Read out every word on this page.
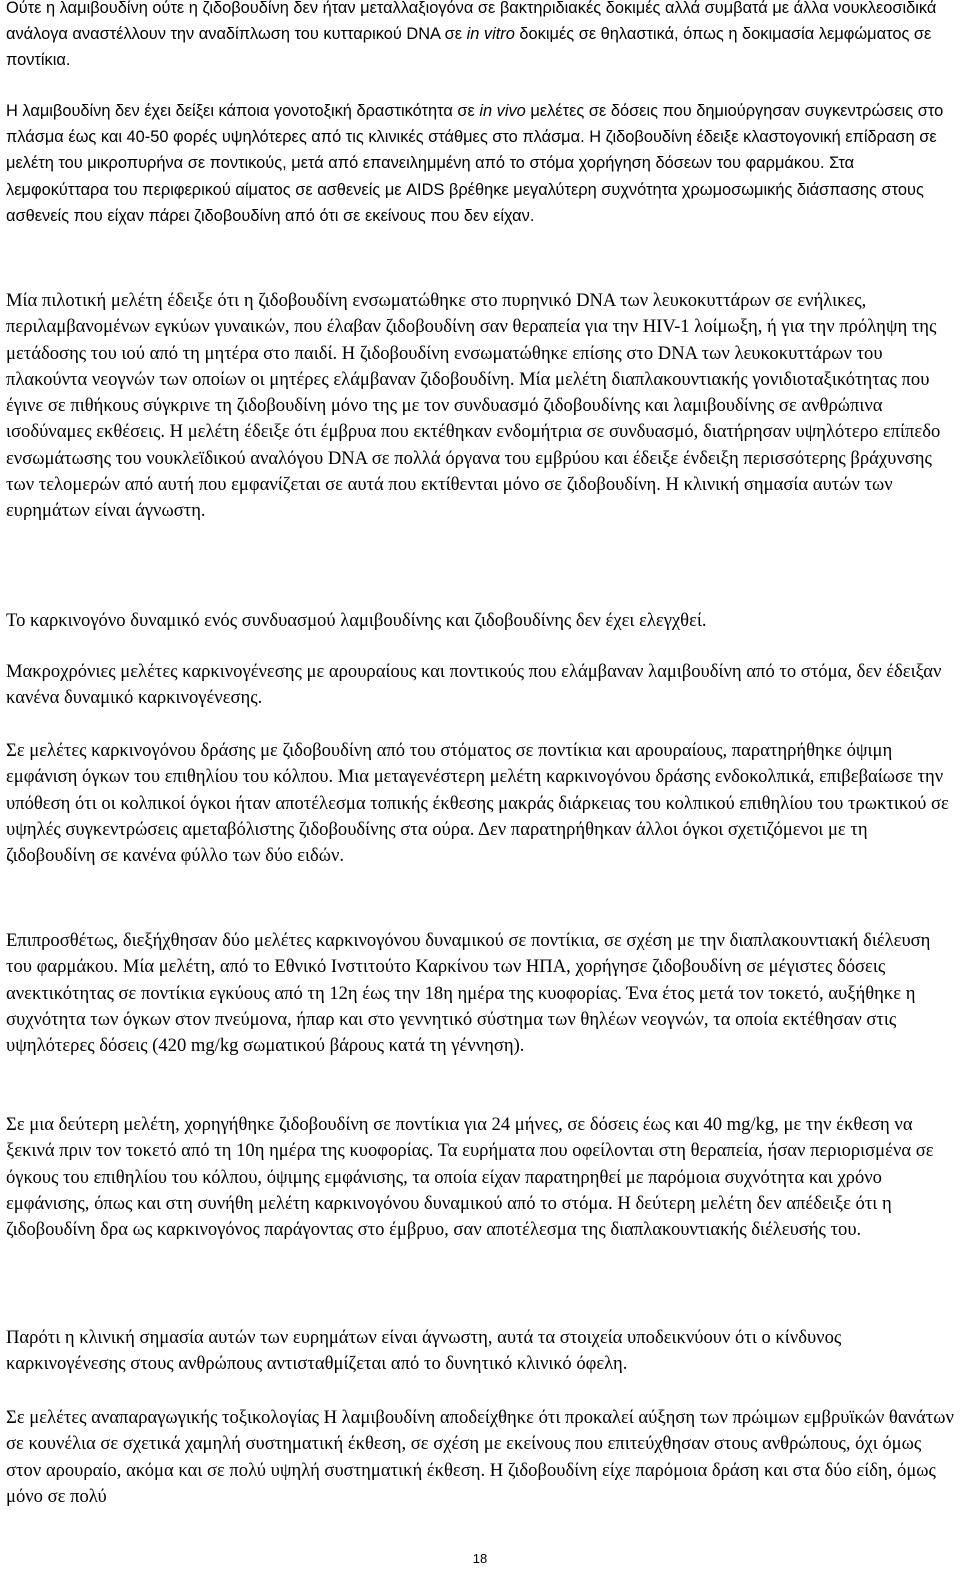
Ούτε η λαμιβουδίνη ούτε η ζιδοβουδίνη δεν ήταν μεταλλαξιογόνα σε βακτηριδιακές δοκιμές αλλά συμβατά με άλλα νουκλεοσιδικά ανάλογα αναστέλλουν την αναδίπλωση του κυτταρικού DNA σε in vitro δοκιμές σε θηλαστικά, όπως η δοκιμασία λεμφώματος σε ποντίκια.

Η λαμιβουδίνη δεν έχει δείξει κάποια γονοτοξική δραστικότητα σε in vivo μελέτες σε δόσεις που δημιούργησαν συγκεντρώσεις στο πλάσμα έως και 40-50 φορές υψηλότερες από τις κλινικές στάθμες στο πλάσμα. Η ζιδοβουδίνη έδειξε κλαστογονική επίδραση σε μελέτη του μικροπυρήνα σε ποντικούς, μετά από επανειλημμένη από το στόμα χορήγηση δόσεων του φαρμάκου. Στα λεμφοκύτταρα του περιφερικού αίματος σε ασθενείς με AIDS βρέθηκε μεγαλύτερη συχνότητα χρωμοσωμικής διάσπασης στους ασθενείς που είχαν πάρει ζιδοβουδίνη από ότι σε εκείνους που δεν είχαν.

Μία πιλοτική μελέτη έδειξε ότι η ζιδοβουδίνη ενσωματώθηκε στο πυρηνικό DNA των λευκοκυττάρων σε ενήλικες, περιλαμβανομένων εγκύων γυναικών, που έλαβαν ζιδοβουδίνη σαν θεραπεία για την HIV-1 λοίμωξη, ή για την πρόληψη της μετάδοσης του ιού από τη μητέρα στο παιδί. Η ζιδοβουδίνη ενσωματώθηκε επίσης στο DNA των λευκοκυττάρων του πλακούντα νεογνών των οποίων οι μητέρες ελάμβαναν ζιδοβουδίνη. Μία μελέτη διαπλακουντιακής γονιδιοταξικότητας που έγινε σε πιθήκους σύγκρινε τη ζιδοβουδίνη μόνο της με τον συνδυασμό ζιδοβουδίνης και λαμιβουδίνης σε ανθρώπινα ισοδύναμες εκθέσεις. Η μελέτη έδειξε ότι έμβρυα που εκτέθηκαν ενδομήτρια σε συνδυασμό, διατήρησαν υψηλότερο επίπεδο ενσωμάτωσης του νουκλεϊδικού αναλόγου DNA σε πολλά όργανα του εμβρύου και έδειξε ένδειξη περισσότερης βράχυνσης των τελομερών από αυτή που εμφανίζεται σε αυτά που εκτίθενται μόνο σε ζιδοβουδίνη. Η κλινική σημασία αυτών των ευρημάτων είναι άγνωστη.

Το καρκινογόνο δυναμικό ενός συνδυασμού λαμιβουδίνης και ζιδοβουδίνης δεν έχει ελεγχθεί.

Μακροχρόνιες μελέτες καρκινογένεσης με αρουραίους και ποντικούς που ελάμβαναν λαμιβουδίνη από το στόμα, δεν έδειξαν κανένα δυναμικό καρκινογένεσης.

Σε μελέτες καρκινογόνου δράσης με ζιδοβουδίνη από του στόματος σε ποντίκια και αρουραίους, παρατηρήθηκε όψιμη εμφάνιση όγκων του επιθηλίου του κόλπου. Μια μεταγενέστερη μελέτη καρκινογόνου δράσης ενδοκολπικά, επιβεβαίωσε την υπόθεση ότι οι κολπικοί όγκοι ήταν αποτέλεσμα τοπικής έκθεσης μακράς διάρκειας του κολπικού επιθηλίου του τρωκτικού σε υψηλές συγκεντρώσεις αμεταβόλιστης ζιδοβουδίνης στα ούρα. Δεν παρατηρήθηκαν άλλοι όγκοι σχετιζόμενοι με τη ζιδοβουδίνη σε κανένα φύλλο των δύο ειδών.

Επιπροσθέτως, διεξήχθησαν δύο μελέτες καρκινογόνου δυναμικού σε ποντίκια, σε σχέση με την διαπλακουντιακή διέλευση του φαρμάκου. Μία μελέτη, από το Εθνικό Ινστιτούτο Καρκίνου των ΗΠΑ, χορήγησε ζιδοβουδίνη σε μέγιστες δόσεις ανεκτικότητας σε ποντίκια εγκύους από τη 12η έως την 18η ημέρα της κυοφορίας. Ένα έτος μετά τον τοκετό, αυξήθηκε η συχνότητα των όγκων στον πνεύμονα, ήπαρ και στο γεννητικό σύστημα των θηλέων νεογνών, τα οποία εκτέθησαν στις υψηλότερες δόσεις (420 mg/kg σωματικού βάρους κατά τη γέννηση).

Σε μια δεύτερη μελέτη, χορηγήθηκε ζιδοβουδίνη σε ποντίκια για 24 μήνες, σε δόσεις έως και 40 mg/kg, με την έκθεση να ξεκινά πριν τον τοκετό από τη 10η ημέρα της κυοφορίας. Τα ευρήματα που οφείλονται στη θεραπεία, ήσαν περιορισμένα σε όγκους του επιθηλίου του κόλπου, όψιμης εμφάνισης, τα οποία είχαν παρατηρηθεί με παρόμοια συχνότητα και χρόνο εμφάνισης, όπως και στη συνήθη μελέτη καρκινογόνου δυναμικού από το στόμα. Η δεύτερη μελέτη δεν απέδειξε ότι η ζιδοβουδίνη δρα ως καρκινογόνος παράγοντας στο έμβρυο, σαν αποτέλεσμα της διαπλακουντιακής διέλευσής του.

Παρότι η κλινική σημασία αυτών των ευρημάτων είναι άγνωστη, αυτά τα στοιχεία υποδεικνύουν ότι ο κίνδυνος καρκινογένεσης στους ανθρώπους αντισταθμίζεται από το δυνητικό κλινικό όφελη.

Σε μελέτες αναπαραγωγικής τοξικολογίας Η λαμιβουδίνη αποδείχθηκε ότι προκαλεί αύξηση των πρώιμων εμβρυϊκών θανάτων σε κουνέλια σε σχετικά χαμηλή συστηματική έκθεση, σε σχέση με εκείνους που επιτεύχθησαν στους ανθρώπους, όχι όμως στον αρουραίο, ακόμα και σε πολύ υψηλή συστηματική έκθεση. Η ζιδοβουδίνη είχε παρόμοια δράση και στα δύο είδη, όμως μόνο σε πολύ

18
